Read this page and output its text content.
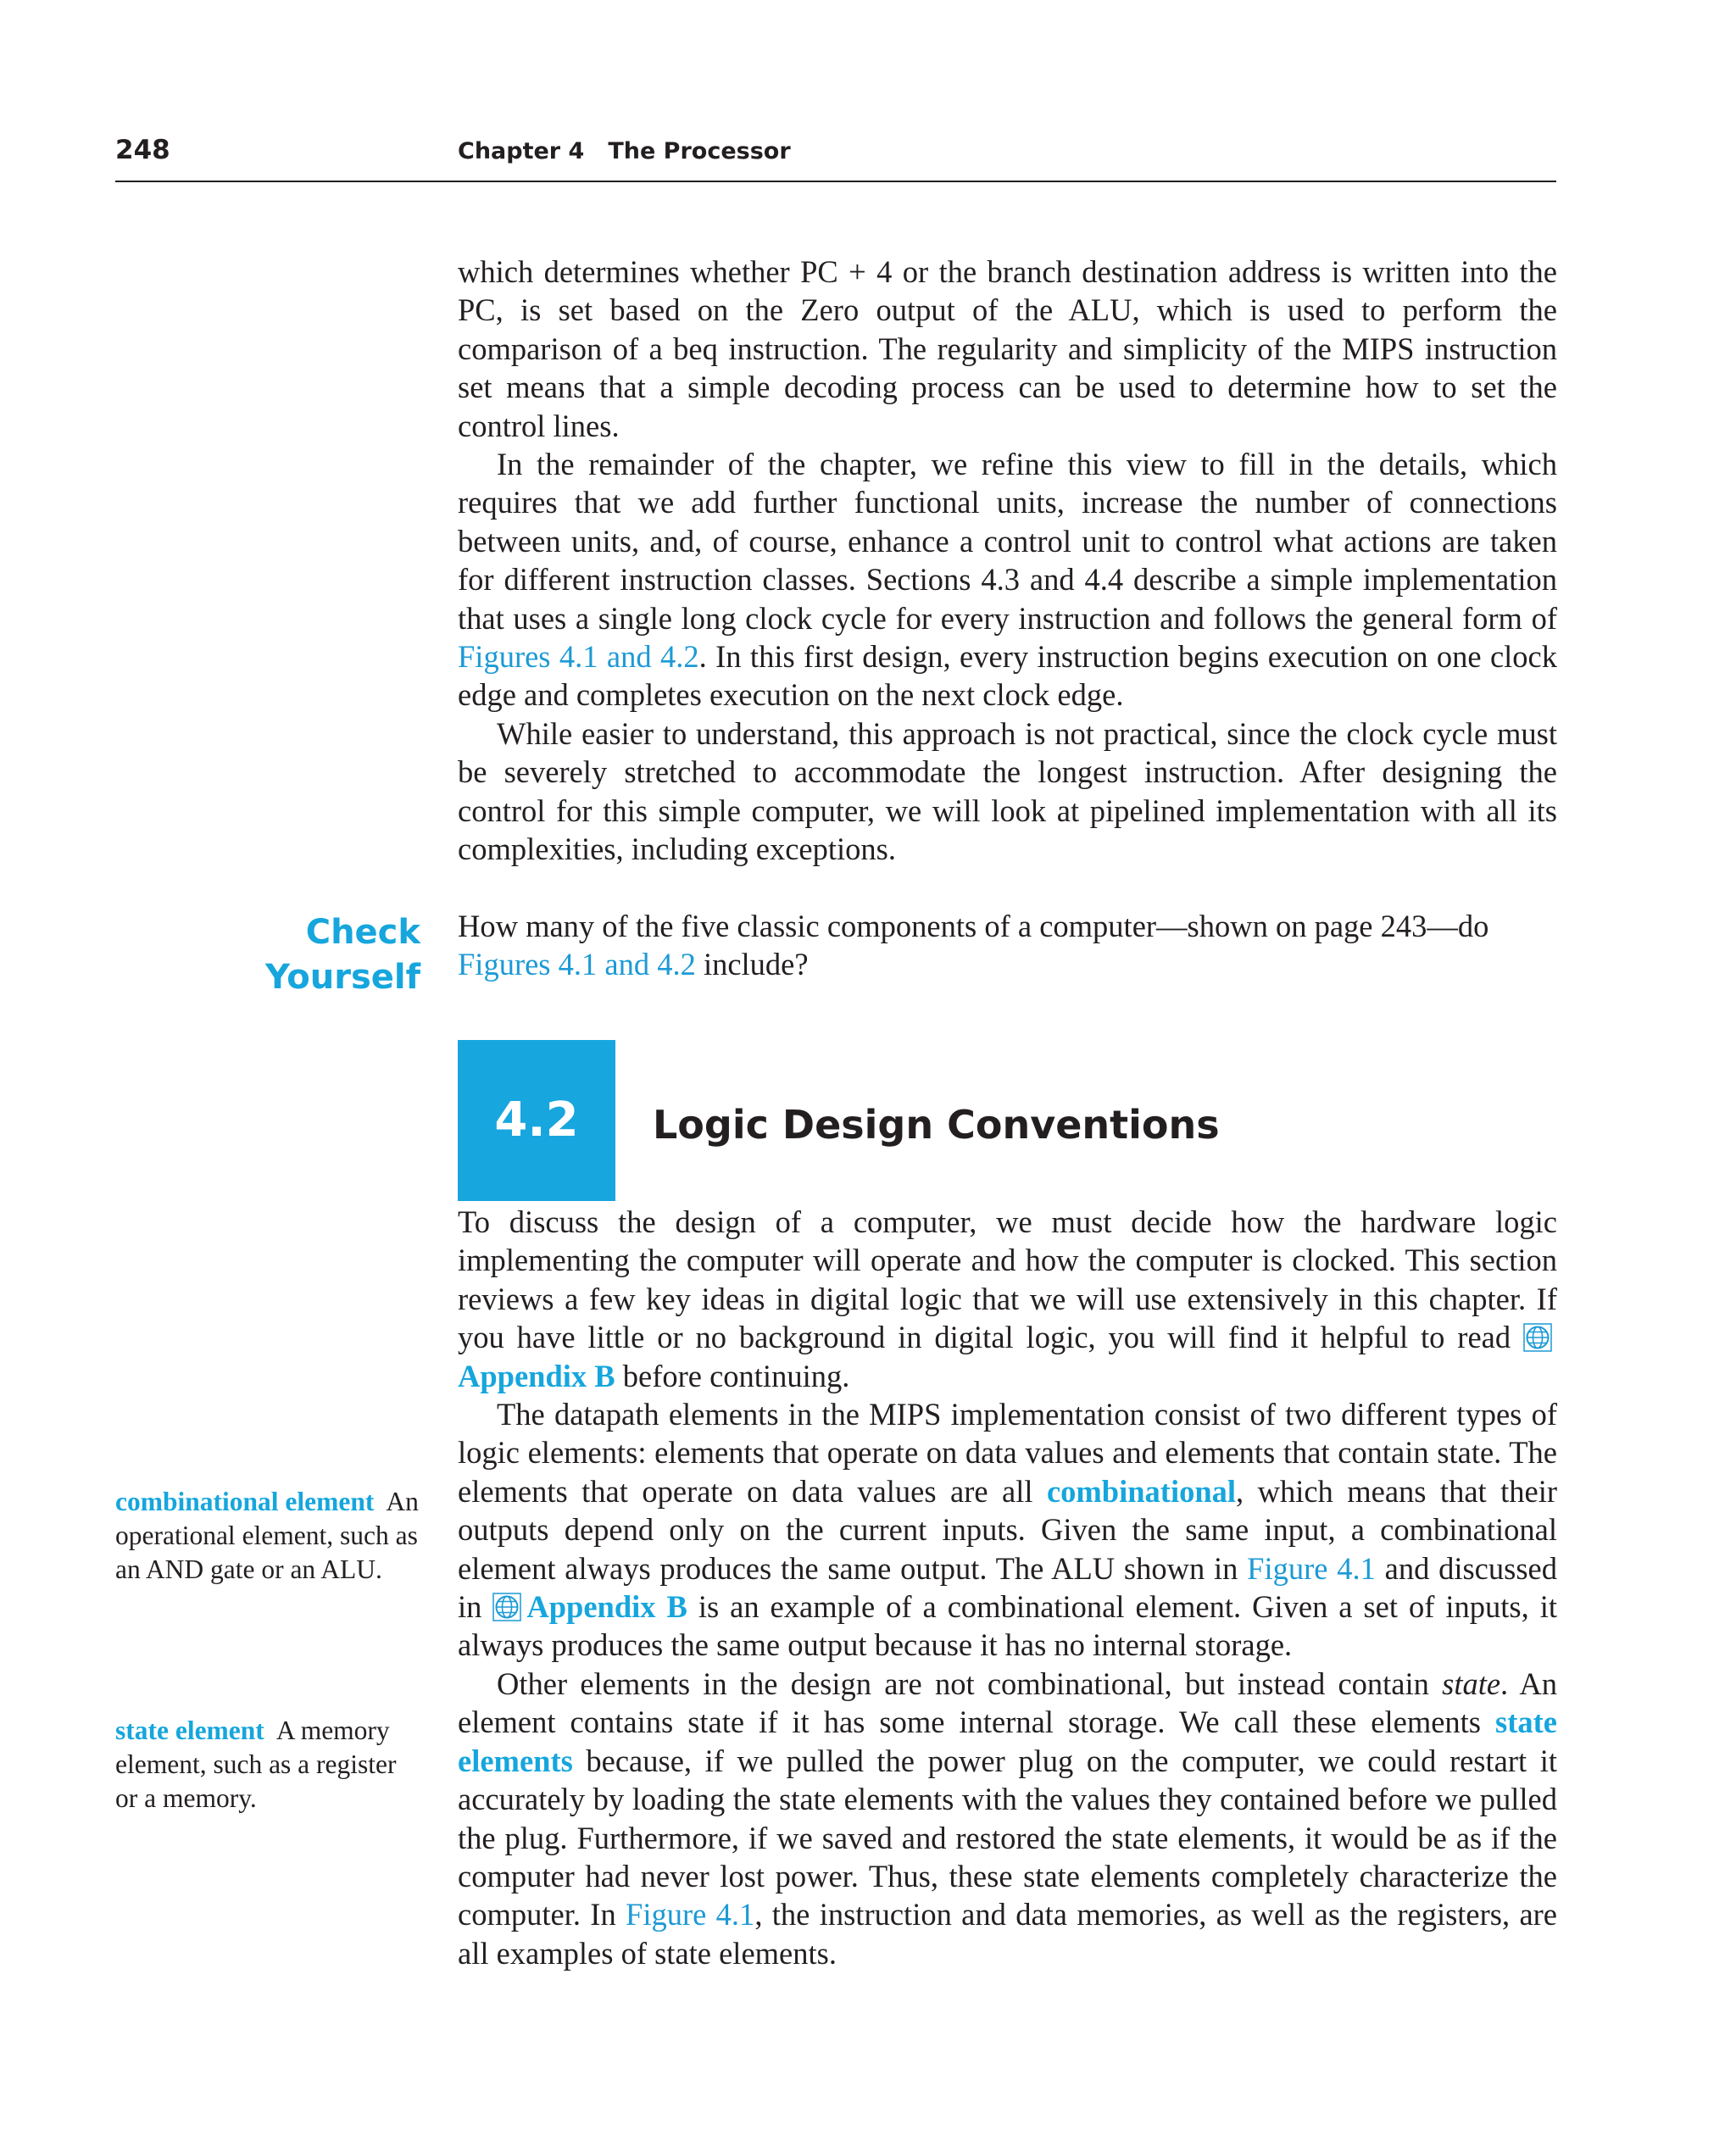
248	Chapter 4 The Processor

which determines whether PC + 4 or the branch destination address is written into the PC, is set based on the Zero output of the ALU, which is used to perform the comparison of a beq instruction. The regularity and simplicity of the MIPS instruction set means that a simple decoding process can be used to determine how to set the control lines.

In the remainder of the chapter, we refine this view to fill in the details, which requires that we add further functional units, increase the number of connections between units, and, of course, enhance a control unit to control what actions are taken for different instruction classes. Sections 4.3 and 4.4 describe a simple implementation that uses a single long clock cycle for every instruction and follows the general form of Figures 4.1 and 4.2. In this first design, every instruction begins execution on one clock edge and completes execution on the next clock edge.

While easier to understand, this approach is not practical, since the clock cycle must be severely stretched to accommodate the longest instruction. After designing the control for this simple computer, we will look at pipelined implementation with all its complexities, including exceptions.

Check
Yourself

How many of the five classic components of a computer—shown on page 243—do Figures 4.1 and 4.2 include?

4.2	Logic Design Conventions

To discuss the design of a computer, we must decide how the hardware logic implementing the computer will operate and how the computer is clocked. This section reviews a few key ideas in digital logic that we will use extensively in this chapter. If you have little or no background in digital logic, you will find it helpful to read
Appendix B before continuing.

The datapath elements in the MIPS implementation consist of two different types of logic elements: elements that operate on data values and elements that contain state. The elements that operate on data values are all combinational, which means that their outputs depend only on the current inputs. Given the same input, a combinational element always produces the same output. The ALU shown in Figure 4.1 and discussed in
Appendix B is an example of a combinational element. Given a set of inputs, it always produces the same output because it has no internal storage.

Other elements in the design are not combinational, but instead contain state. An element contains state if it has some internal storage. We call these elements state elements because, if we pulled the power plug on the computer, we could restart it accurately by loading the state elements with the values they contained before we pulled the plug. Furthermore, if we saved and restored the state elements, it would be as if the computer had never lost power. Thus, these state elements completely characterize the computer. In Figure 4.1, the instruction and data memories, as well as the registers, are all examples of state elements.

combinational element An operational element, such as an AND gate or an ALU.
state element A memory element, such as a register or a memory.
